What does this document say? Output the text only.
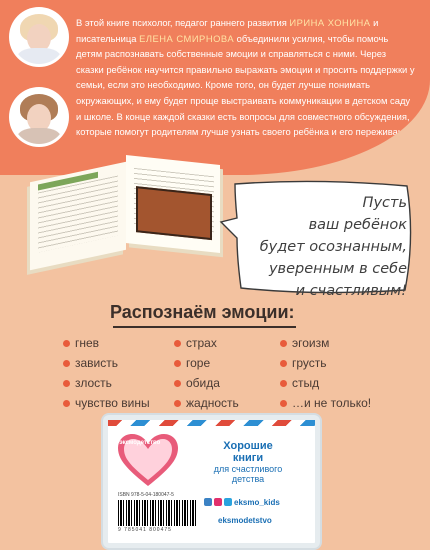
В этой книге психолог, педагог раннего развития ИРИНА ХОНИНА и писательница ЕЛЕНА СМИРНОВА объединили усилия, чтобы помочь детям распознавать собственные эмоции и справляться с ними. Через сказки ребёнок научится правильно выражать эмоции и просить поддержки у семьи, если это необходимо. Кроме того, он будет лучше понимать окружающих, и ему будет проще выстраивать коммуникации в детском саду и школе. В конце каждой сказки есть вопросы для совместного обсуждения, которые помогут родителям лучше узнать своего ребёнка и его переживания.
Пусть
ваш ребёнок
будет осознанным,
уверенным в себе
и счастливым!
Распознаём эмоции:
гнев
зависть
злость
чувство вины
страх
горе
обида
жадность
эгоизм
грусть
стыд
…и не только!
#эксмодетство	Хорошие
книги
для счастливого
детства
ISBN 978-5-04-180047-5
9 785041 800475
eksmo_kids
eksmodetstvo
